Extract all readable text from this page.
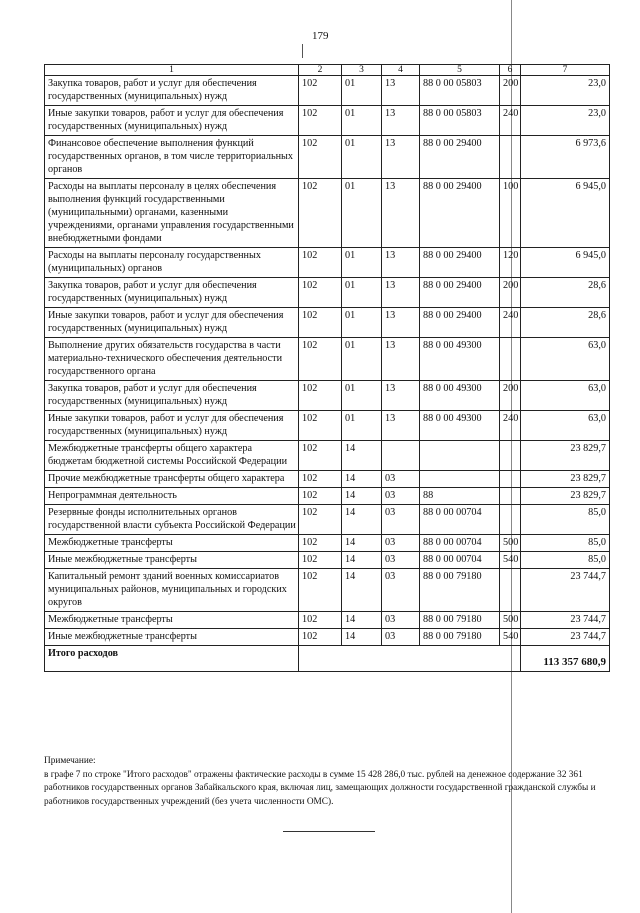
179
1	2	3	4	5	6	7
Закупка товаров, работ и услуг для обеспечения государственных (муниципальных) нужд	102	01	13	88 0 00 05803	200	23,0
Иные закупки товаров, работ и услуг для обеспечения государственных (муниципальных) нужд	102	01	13	88 0 00 05803	240	23,0
Финансовое обеспечение выполнения функций государственных органов, в том числе территориальных органов	102	01	13	88 0 00 29400		6 973,6
Расходы на выплаты персоналу в целях обеспечения выполнения функций государственными (муниципальными) органами, казенными учреждениями, органами управления государственными внебюджетными фондами	102	01	13	88 0 00 29400	100	6 945,0
Расходы на выплаты персоналу государственных (муниципальных) органов	102	01	13	88 0 00 29400	120	6 945,0
Закупка товаров, работ и услуг для обеспечения государственных (муниципальных) нужд	102	01	13	88 0 00 29400	200	28,6
Иные закупки товаров, работ и услуг для обеспечения государственных (муниципальных) нужд	102	01	13	88 0 00 29400	240	28,6
Выполнение других обязательств государства в части материально-технического обеспечения деятельности государственного органа	102	01	13	88 0 00 49300		63,0
Закупка товаров, работ и услуг для обеспечения государственных (муниципальных) нужд	102	01	13	88 0 00 49300	200	63,0
Иные закупки товаров, работ и услуг для обеспечения государственных (муниципальных) нужд	102	01	13	88 0 00 49300	240	63,0
Межбюджетные трансферты общего характера бюджетам бюджетной системы Российской Федерации	102	14				23 829,7
Прочие межбюджетные трансферты общего характера	102	14	03			23 829,7
Непрограммная деятельность	102	14	03	88		23 829,7
Резервные фонды исполнительных органов государственной власти субъекта Российской Федерации	102	14	03	88 0 00 00704		85,0
Межбюджетные трансферты	102	14	03	88 0 00 00704	500	85,0
Иные межбюджетные трансферты	102	14	03	88 0 00 00704	540	85,0
Капитальный ремонт зданий военных комиссариатов муниципальных районов, муниципальных и городских округов	102	14	03	88 0 00 79180		23 744,7
Межбюджетные трансферты	102	14	03	88 0 00 79180	500	23 744,7
Иные межбюджетные трансферты	102	14	03	88 0 00 79180	540	23 744,7
Итого расходов						113 357 680,9

Примечание:

в графе 7 по строке "Итого расходов" отражены фактические расходы в сумме 15 428 286,0 тыс. рублей на денежное содержание 32 361 работников государственных органов Забайкальского края, включая лиц, замещающих должности государственной гражданской службы и работников государственных учреждений (без учета численности ОМС).
